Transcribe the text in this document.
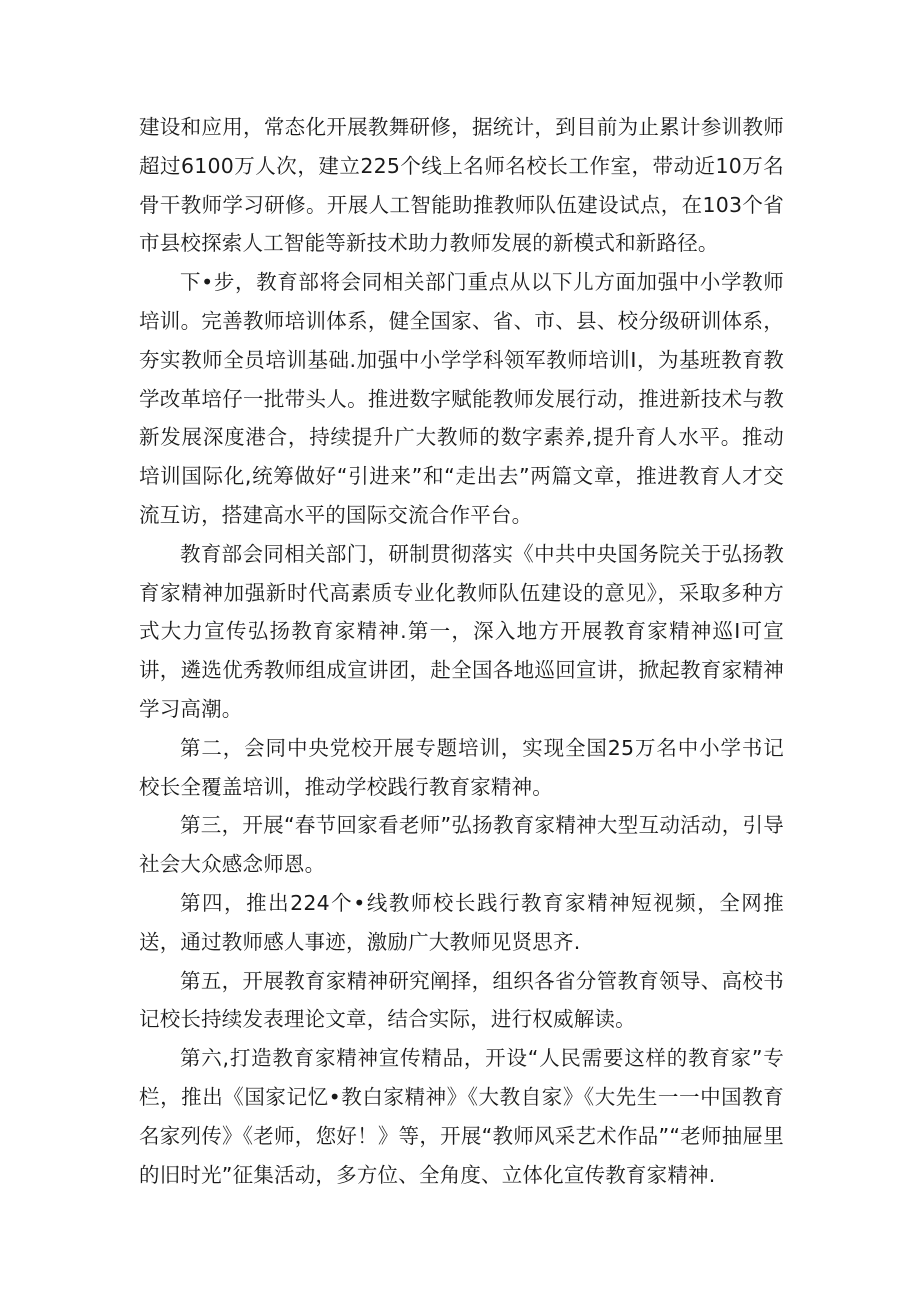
建设和应用，常态化开展教舞研修，据统计，到目前为止累计参训教师超过6100万人次，建立225个线上名师名校长工作室，带动近10万名骨干教师学习研修。开展人工智能助推教师队伍建设试点，在103个省市县校探索人工智能等新技术助力教师发展的新模式和新路径。

下•步，教育部将会同相关部门重点从以下儿方面加强中小学教师培训。完善教师培训体系，健全国家、省、市、县、校分级研训体系，夯实教师全员培训基础.加强中小学学科领军教师培训I，为基班教育教学改革培仔一批带头人。推进数字赋能教师发展行动，推进新技术与教新发展深度港合，持续提升广大教师的数字素养,提升育人水平。推动培训国际化,统筹做好“引进来”和“走出去”两篇文章，推进教育人才交流互访，搭建高水平的国际交流合作平台。

教育部会同相关部门，研制贯彻落实《中共中央国务院关于弘扬教育家精神加强新时代高素质专业化教师队伍建设的意见》，采取多种方式大力宣传弘扬教育家精神.第一，深入地方开展教育家精神巡I可宣讲，遴选优秀教师组成宣讲团，赴全国各地巡回宣讲，掀起教育家精神学习高潮。

第二，会同中央党校开展专题培训，实现全国25万名中小学书记校长全覆盖培训，推动学校践行教育家精神。

第三，开展“春节回家看老师”弘扬教育家精神大型互动活动，引导社会大众感念师恩。

第四，推出224个•线教师校长践行教育家精神短视频，全网推送，通过教师感人事迹，激励广大教师见贤思齐.

第五，开展教育家精神研究阐择，组织各省分管教育领导、高校书记校长持续发表理论文章，结合实际，进行权威解读。

第六,打造教育家精神宣传精品，开设“人民需要这样的教育家”专栏，推出《国家记忆•教白家精神》《大教自家》《大先生一一中国教育名家列传》《老师，您好！》等，开展“教师风采艺术作品”“老师抽屉里的旧时光”征集活动，多方位、全角度、立体化宣传教育家精神.
